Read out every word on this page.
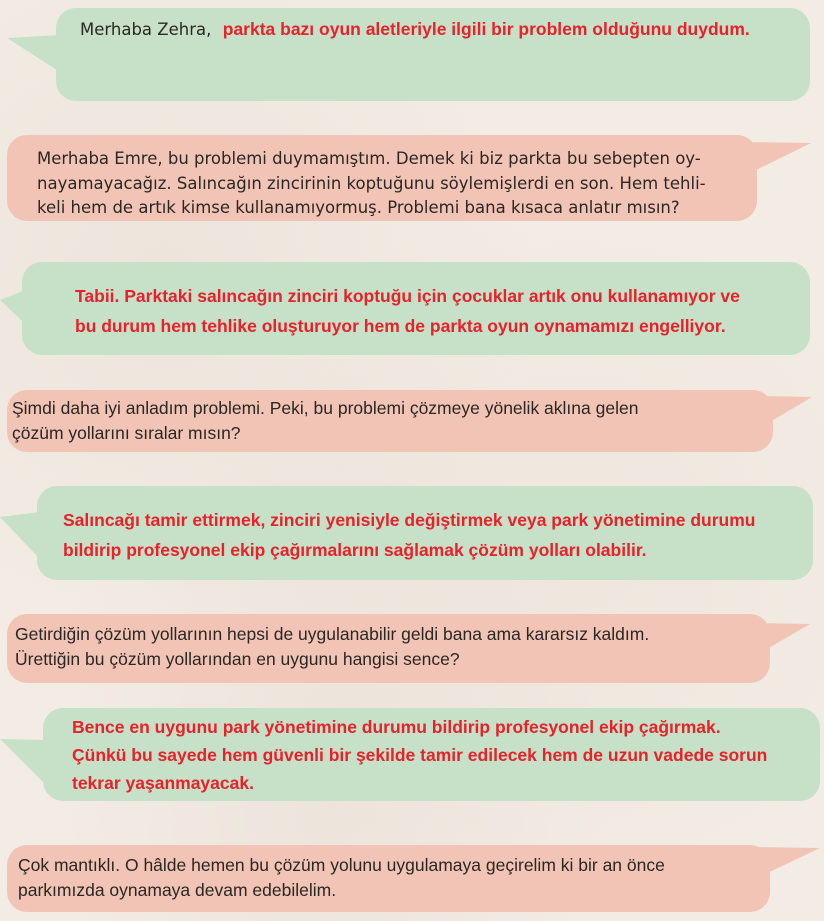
Merhaba Zehra, parkta bazı oyun aletleriyle ilgili bir problem olduğunu duydum.
Merhaba Emre, bu problemi duymamıştım. Demek ki biz parkta bu sebepten oy-
nayamayacağız. Salıncağın zincirinin koptuğunu söylemişlerdi en son. Hem tehli-
keli hem de artık kimse kullanamıyormuş. Problemi bana kısaca anlatır mısın?
Tabii. Parktaki salıncağın zinciri koptuğu için çocuklar artık onu kullanamıyor ve
bu durum hem tehlike oluşturuyor hem de parkta oyun oynamamızı engelliyor.
Şimdi daha iyi anladım problemi. Peki, bu problemi çözmeye yönelik aklına gelen
çözüm yollarını sıralar mısın?
Salıncağı tamir ettirmek, zinciri yenisiyle değiştirmek veya park yönetimine durumu
bildirip profesyonel ekip çağırmalarını sağlamak çözüm yolları olabilir.
Getirdiğin çözüm yollarının hepsi de uygulanabilir geldi bana ama kararsız kaldım.
Ürettiğin bu çözüm yollarından en uygunu hangisi sence?
Bence en uygunu park yönetimine durumu bildirip profesyonel ekip çağırmak.
Çünkü bu sayede hem güvenli bir şekilde tamir edilecek hem de uzun vadede sorun
tekrar yaşanmayacak.
Çok mantıklı. O hâlde hemen bu çözüm yolunu uygulamaya geçirelim ki bir an önce
parkımızda oynamaya devam edebilelim.
